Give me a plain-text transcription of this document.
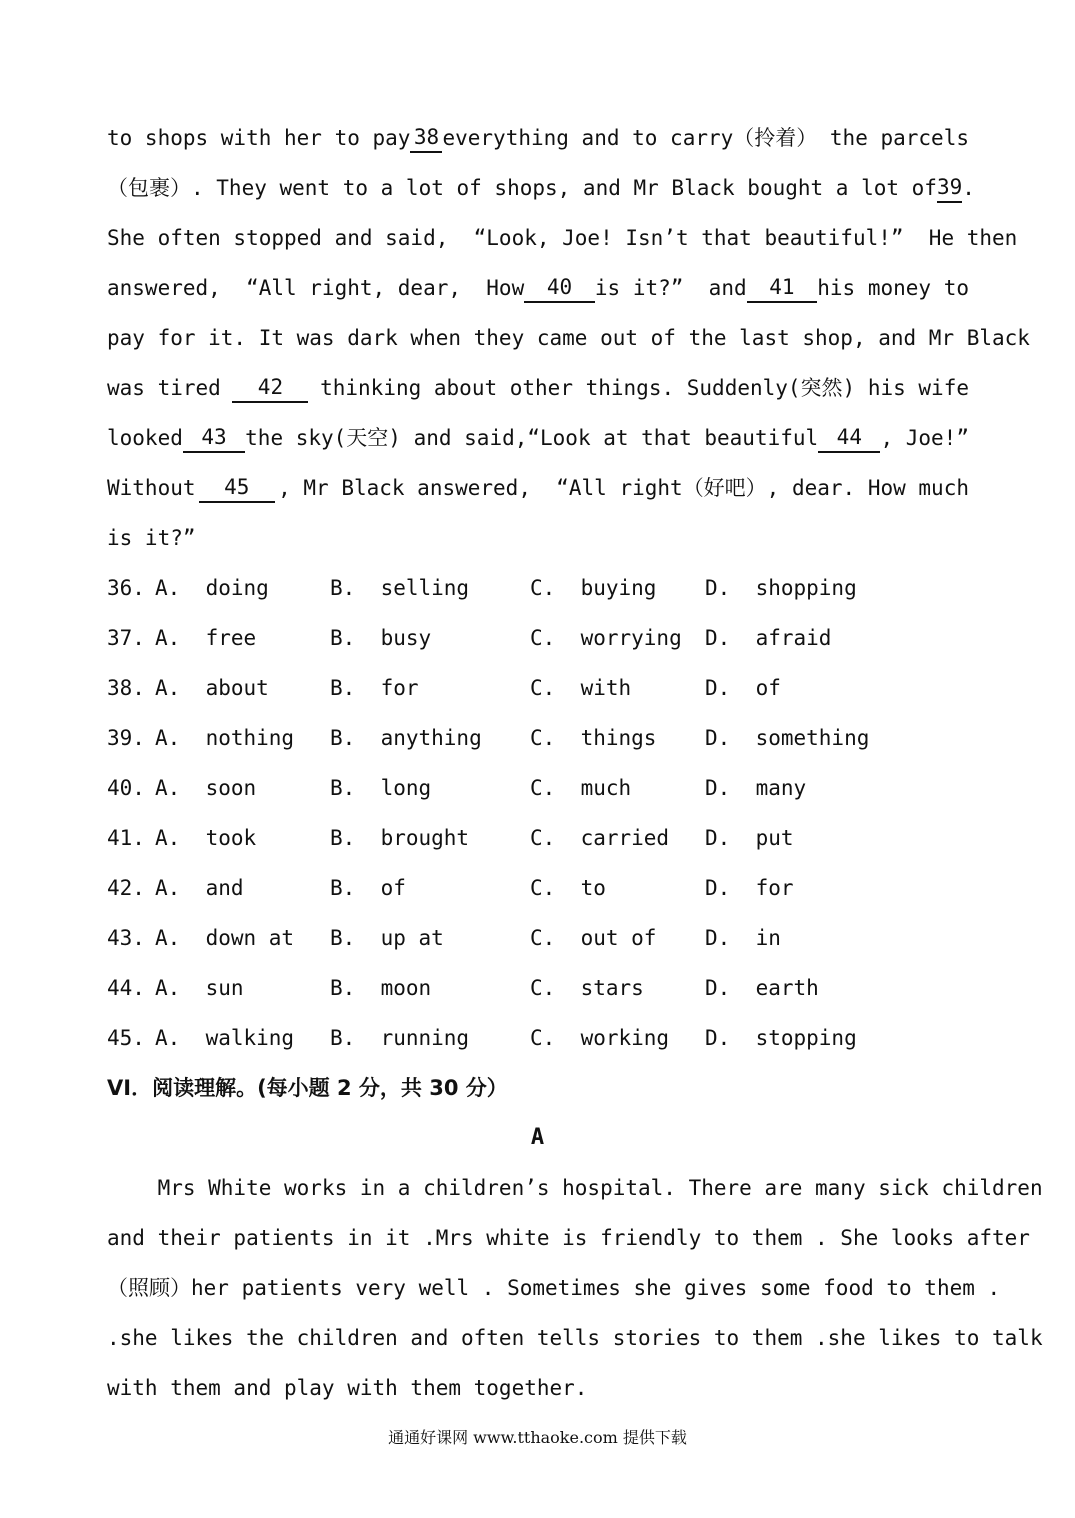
to shops with her to pay 38 everything and to carry（拎着） the parcels
（包裹）. They went to a lot of shops, and Mr Black bought a lot of 39 .
She often stopped and said,  “Look, Joe! Isn’t that beautiful!”  He then
answered,  “All right, dear,  How	40	is it?”  and	41	his money to
pay for it. It was dark when they came out of the last shop, and Mr Black
was tired	42	thinking about other things. Suddenly(突然) his wife
looked 43 the sky(天空) and said,“Look at that beautiful 44 , Joe!”
Without	45	, Mr Black answered,  “All right（好吧）, dear. How much
is it?”
36. A.  doing	B.  selling	C.  buying D.  shopping
37. A.  free	B.  busy	C.  worrying D.  afraid
38. A.  about	B.  for	C.  with	D.  of
39. A.  nothing B.  anything C.  things D.  something
40. A.  soon	B.  long	C.  much	D.  many
41. A.  took	B.  brought	C.  carried D.  put
42. A.  and	B.  of	C.  to	D.  for
43. A.  down at B.  up at	C.  out of D.  in
44. A.  sun	B.  moon	C.  stars	D.  earth
45. A.  walking B.  running	C.  working D.  stopping
VI．阅读理解。(每小题 2 分，共 30 分）
A
Mrs White works in a children’s hospital. There are many sick children
and their patients in it .Mrs white is friendly to them . She looks after
（照顾）her patients very well . Sometimes she gives some food to them .
.she likes the children and often tells stories to them .she likes to talk
with them and play with them together.
通通好课网 www.tthaoke.com 提供下载
